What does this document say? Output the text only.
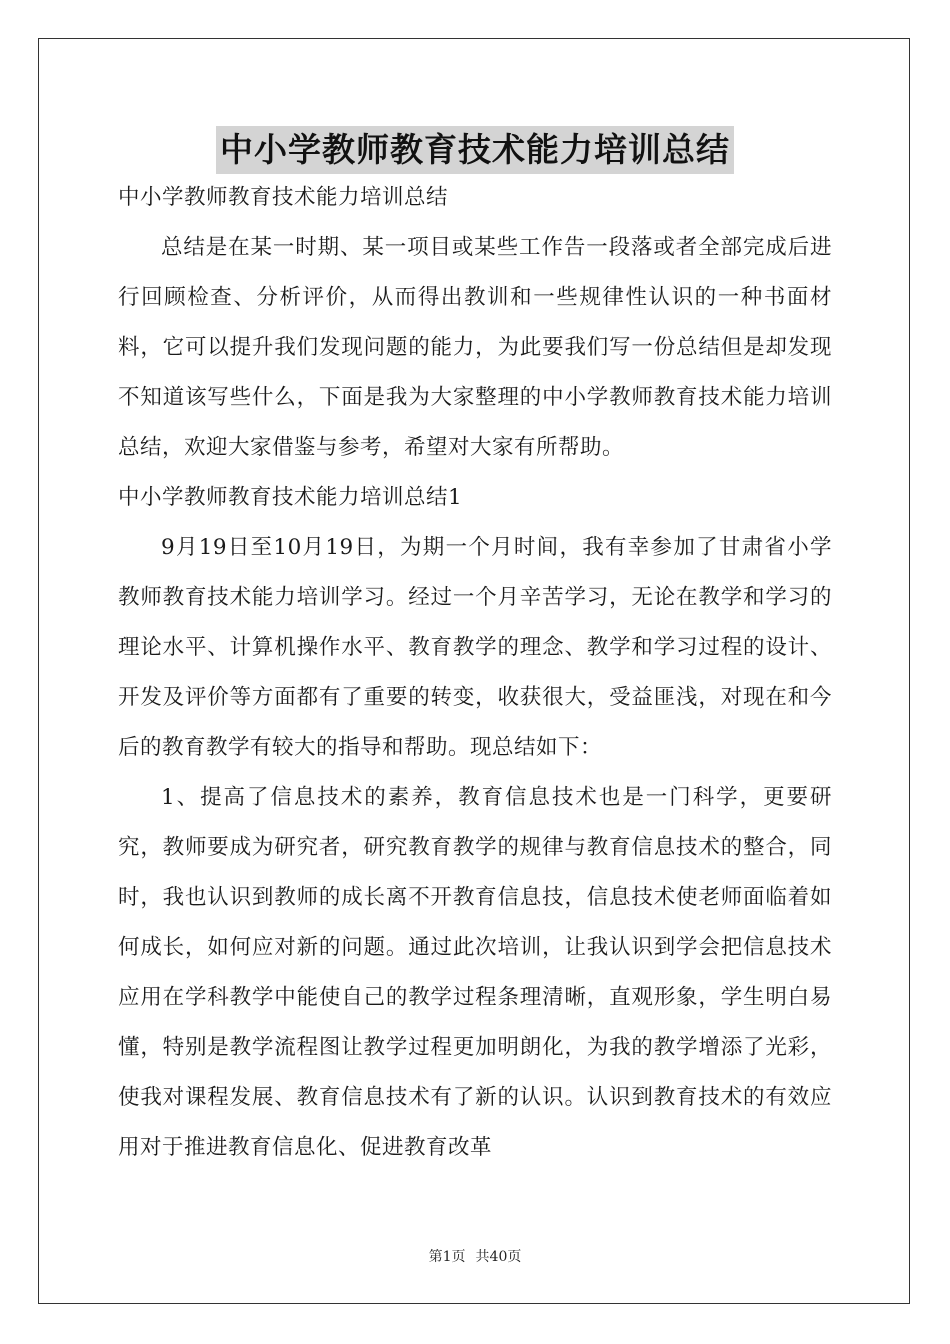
中小学教师教育技术能力培训总结
中小学教师教育技术能力培训总结
总结是在某一时期、某一项目或某些工作告一段落或者全部完成后进行回顾检查、分析评价，从而得出教训和一些规律性认识的一种书面材料，它可以提升我们发现问题的能力，为此要我们写一份总结但是却发现不知道该写些什么，下面是我为大家整理的中小学教师教育技术能力培训总结，欢迎大家借鉴与参考，希望对大家有所帮助。
中小学教师教育技术能力培训总结1
9月19日至10月19日，为期一个月时间，我有幸参加了甘肃省小学教师教育技术能力培训学习。经过一个月辛苦学习，无论在教学和学习的理论水平、计算机操作水平、教育教学的理念、教学和学习过程的设计、开发及评价等方面都有了重要的转变，收获很大，受益匪浅，对现在和今后的教育教学有较大的指导和帮助。现总结如下：
1、提高了信息技术的素养，教育信息技术也是一门科学，更要研究，教师要成为研究者，研究教育教学的规律与教育信息技术的整合，同时，我也认识到教师的成长离不开教育信息技，信息技术使老师面临着如何成长，如何应对新的问题。通过此次培训，让我认识到学会把信息技术应用在学科教学中能使自己的教学过程条理清晰，直观形象，学生明白易懂，特别是教学流程图让教学过程更加明朗化，为我的教学增添了光彩，使我对课程发展、教育信息技术有了新的认识。认识到教育技术的有效应用对于推进教育信息化、促进教育改革
第1页 共40页
